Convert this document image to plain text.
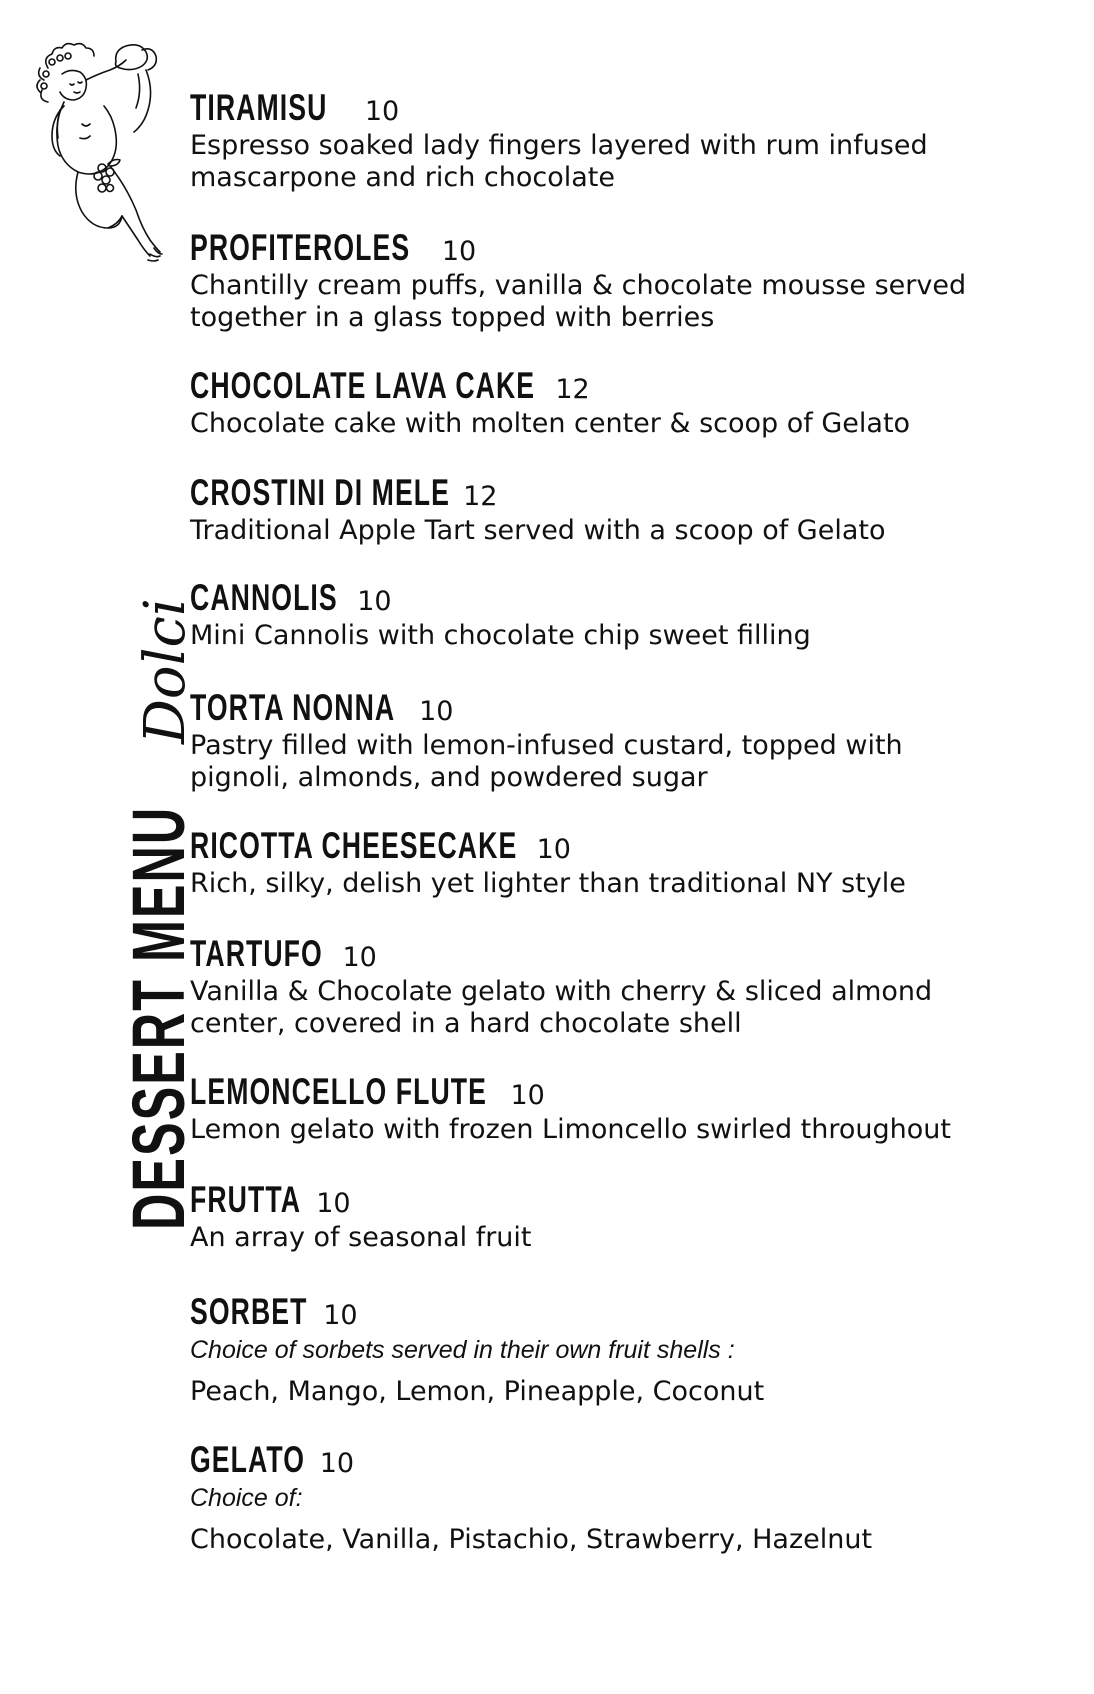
DESSERT MENU
Dolci
TIRAMISU 10
Espresso soaked lady fingers layered with rum infused
mascarpone and rich chocolate
PROFITEROLES 10
Chantilly cream puffs, vanilla & chocolate mousse served
together in a glass topped with berries
CHOCOLATE LAVA CAKE 12
Chocolate cake with molten center & scoop of Gelato
CROSTINI DI MELE 12
Traditional Apple Tart served with a scoop of Gelato
CANNOLIS 10
Mini Cannolis with chocolate chip sweet filling
TORTA NONNA 10
Pastry filled with lemon-infused custard, topped with
pignoli, almonds, and powdered sugar
RICOTTA CHEESECAKE 10
Rich, silky, delish yet lighter than traditional NY style
TARTUFO 10
Vanilla & Chocolate gelato with cherry & sliced almond
center, covered in a hard chocolate shell
LEMONCELLO FLUTE 10
Lemon gelato with frozen Limoncello swirled throughout
FRUTTA 10
An array of seasonal fruit
SORBET 10
Choice of sorbets served in their own fruit shells :
Peach, Mango, Lemon, Pineapple, Coconut
GELATO 10
Choice of:
Chocolate, Vanilla, Pistachio, Strawberry, Hazelnut
